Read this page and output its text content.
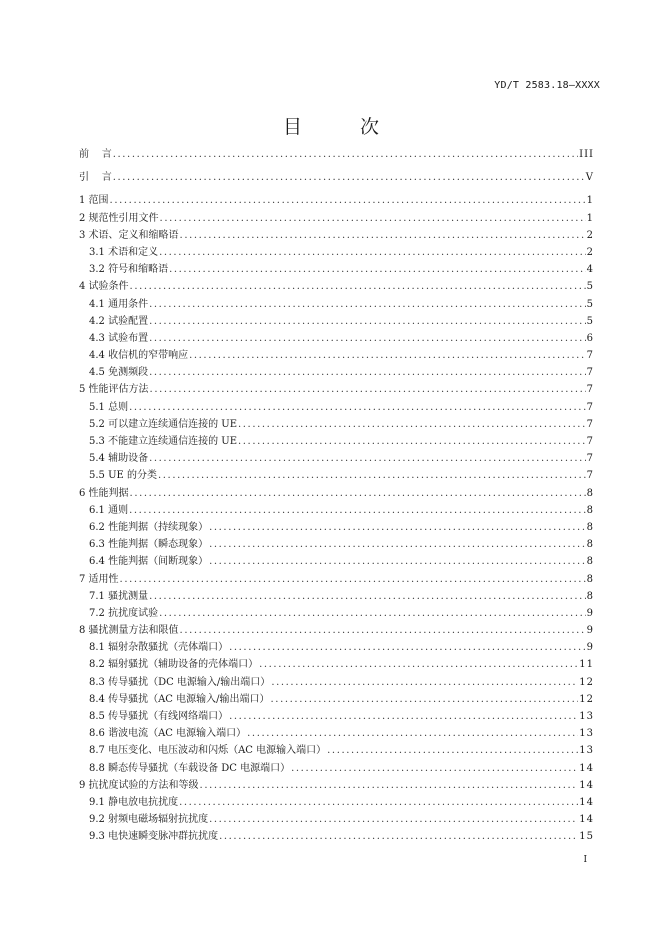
YD/T 2583.18—XXXX
目 次
前    言 .....	III
引    言 .....	V
1 范围 .....	1
2 规范性引用文件 .....	1
3 术语、定义和缩略语 .....	2
3.1 术语和定义 .....	2
3.2 符号和缩略语 .....	4
4 试验条件 .....	5
4.1 通用条件 .....	5
4.2 试验配置 .....	5
4.3 试验布置 .....	6
4.4 收信机的窄带响应 .....	7
4.5 免测频段 .....	7
5 性能评估方法 .....	7
5.1 总则 .....	7
5.2 可以建立连续通信连接的 UE .....	7
5.3 不能建立连续通信连接的 UE .....	7
5.4 辅助设备 .....	7
5.5 UE 的分类 .....	7
6 性能判据 .....	8
6.1 通则 .....	8
6.2 性能判据（持续现象） .....	8
6.3 性能判据（瞬态现象） .....	8
6.4 性能判据（间断现象） .....	8
7 适用性 .....	8
7.1 骚扰测量 .....	8
7.2 抗扰度试验 .....	9
8 骚扰测量方法和限值 .....	9
8.1 辐射杂散骚扰（壳体端口） .....	9
8.2 辐射骚扰（辅助设备的壳体端口） .....	11
8.3 传导骚扰（DC 电源输入/输出端口） .....	12
8.4 传导骚扰（AC 电源输入/输出端口） .....	12
8.5 传导骚扰（有线网络端口） .....	13
8.6 谐波电流（AC 电源输入端口） .....	13
8.7 电压变化、电压波动和闪烁（AC 电源输入端口） .....	13
8.8 瞬态传导骚扰（车载设备 DC 电源端口） .....	14
9 抗扰度试验的方法和等级 .....	14
9.1 静电放电抗扰度 .....	14
9.2 射频电磁场辐射抗扰度 .....	14
9.3 电快速瞬变脉冲群抗扰度 .....	15
I
